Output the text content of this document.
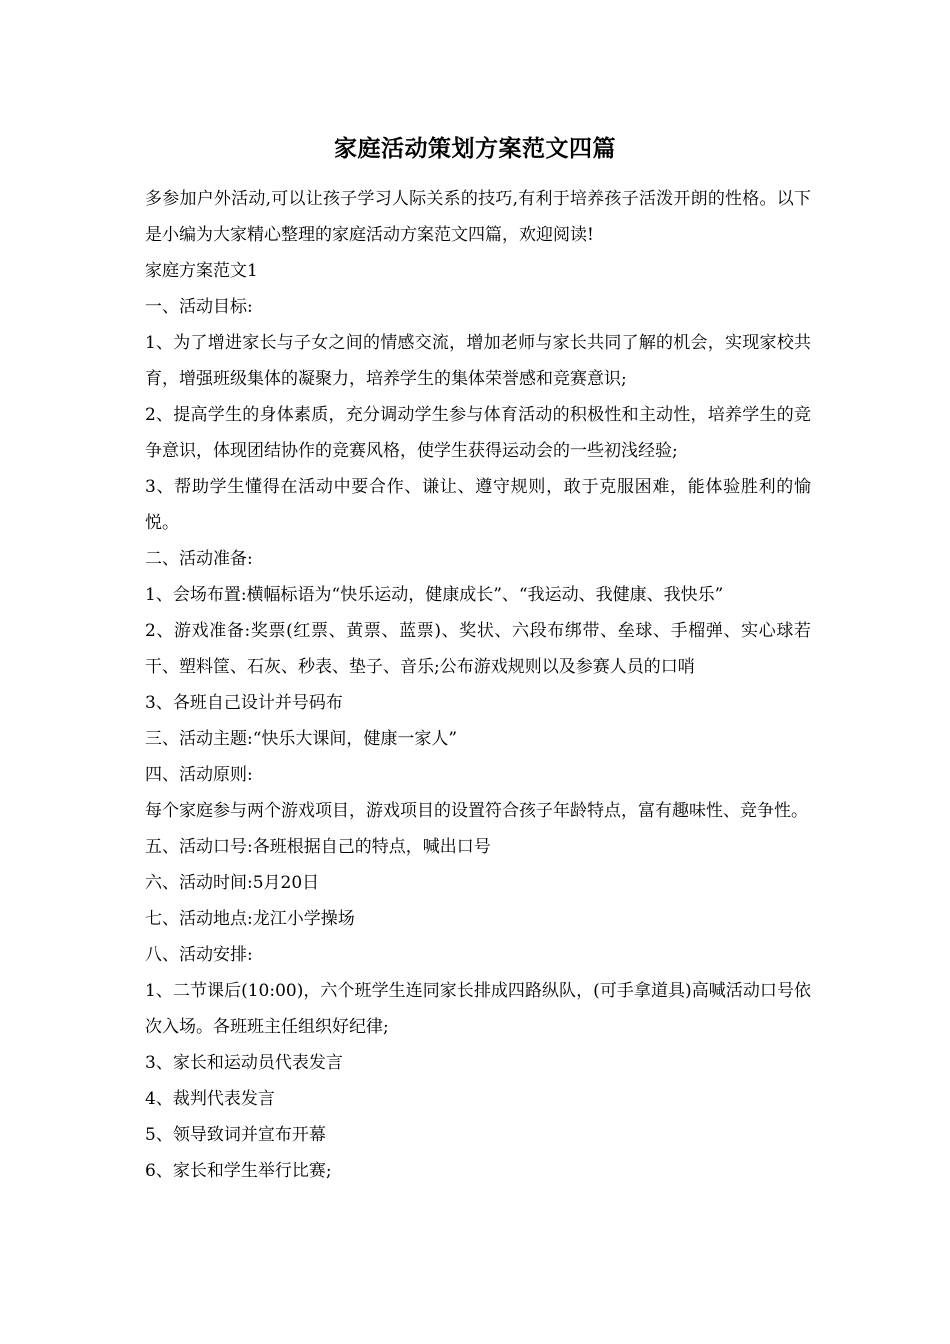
家庭活动策划方案范文四篇

多参加户外活动,可以让孩子学习人际关系的技巧,有利于培养孩子活泼开朗的性格。以下是小编为大家精心整理的家庭活动方案范文四篇，欢迎阅读!

家庭方案范文1

一、活动目标:

1、为了增进家长与子女之间的情感交流，增加老师与家长共同了解的机会，实现家校共育，增强班级集体的凝聚力，培养学生的集体荣誉感和竞赛意识;

2、提高学生的身体素质，充分调动学生参与体育活动的积极性和主动性，培养学生的竞争意识，体现团结协作的竞赛风格，使学生获得运动会的一些初浅经验;

3、帮助学生懂得在活动中要合作、谦让、遵守规则，敢于克服困难，能体验胜利的愉悦。

二、活动准备:

1、会场布置:横幅标语为“快乐运动，健康成长”、“我运动、我健康、我快乐”

2、游戏准备:奖票(红票、黄票、蓝票)、奖状、六段布绑带、垒球、手榴弹、实心球若干、塑料筐、石灰、秒表、垫子、音乐;公布游戏规则以及参赛人员的口哨

3、各班自己设计并号码布

三、活动主题:“快乐大课间，健康一家人”

四、活动原则:

每个家庭参与两个游戏项目，游戏项目的设置符合孩子年龄特点，富有趣味性、竞争性。

五、活动口号:各班根据自己的特点，喊出口号

六、活动时间:5月20日

七、活动地点:龙江小学操场

八、活动安排:

1、二节课后(10:00)，六个班学生连同家长排成四路纵队，(可手拿道具)高喊活动口号依次入场。各班班主任组织好纪律;

3、家长和运动员代表发言

4、裁判代表发言

5、领导致词并宣布开幕

6、家长和学生举行比赛;
